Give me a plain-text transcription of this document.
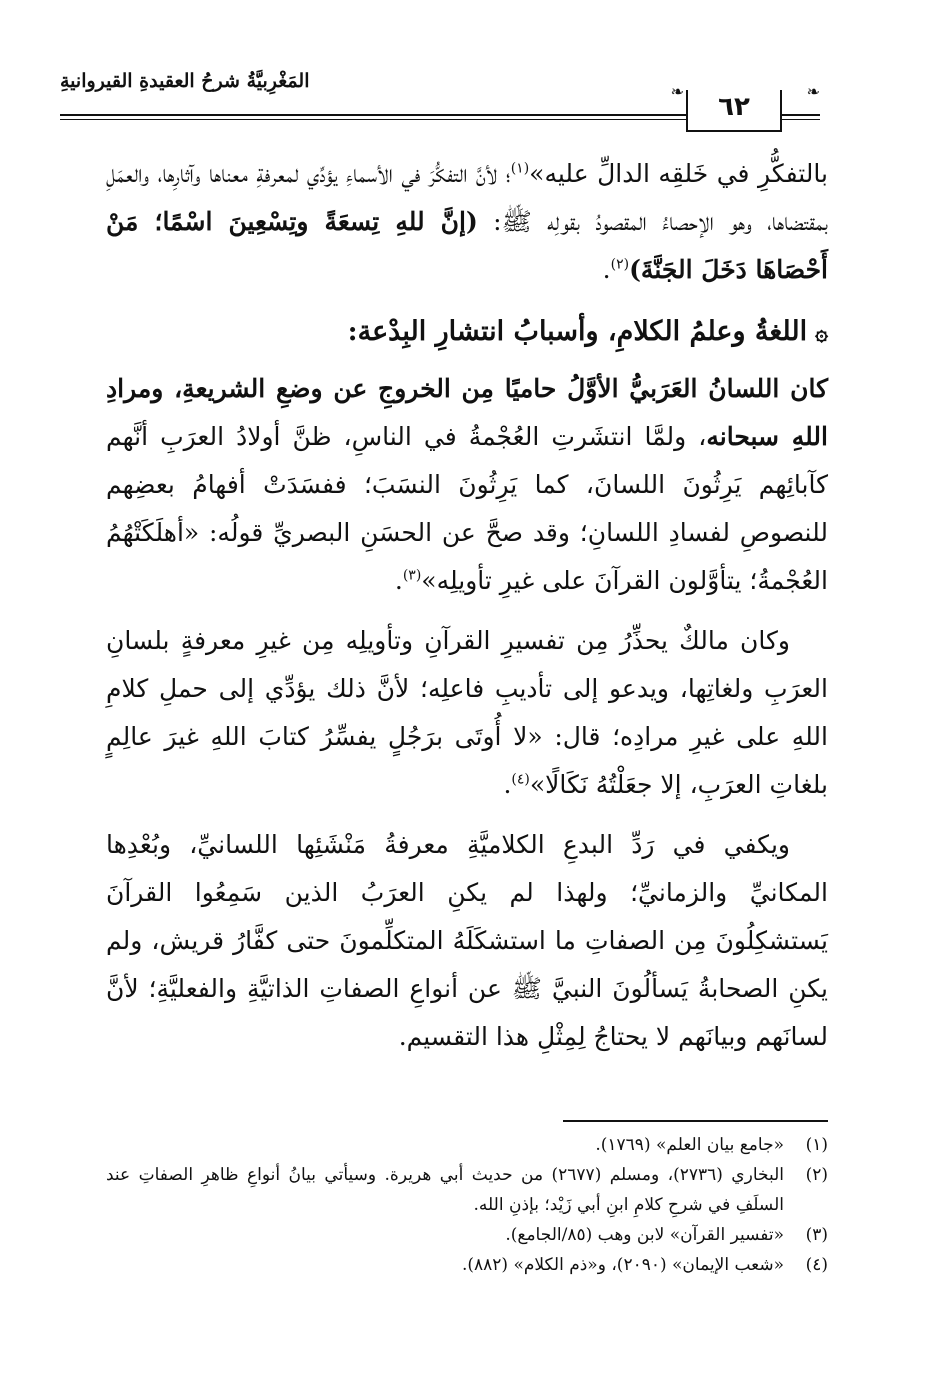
❧
❧
٦٢
المَغْرِبيَّةُ شرحُ العقيدةِ القيروانيةِ

بالتفكُّرِ في خَلقِه الدالِّ عليه»$^{(١)}$؛ لأنَّ التفكُّرَ في الأسماءِ يؤدِّي لمعرفةِ معناها وآثارِها، والعمَلِ بمقتضاها، وهو الإحصاءُ المقصودُ بقولِه ﷺ: (إنَّ للهِ تِسعَةً وتِسْعِينَ اسْمًا؛ مَنْ أَحْصَاهَا دَخَلَ الجَنَّةَ)$^{(٢)}$.

۞اللغةُ وعلمُ الكلامِ، وأسبابُ انتشارِ البِدْعة:

كان اللسانُ العَرَبيُّ الأوَّلُ حاميًا مِن الخروجِ عن وضعِ الشريعةِ، ومرادِ اللهِ سبحانه، ولمَّا انتشَرتِ العُجْمةُ في الناسِ، ظنَّ أولادُ العرَبِ أنَّهم كآبائِهم يَرِثُونَ اللسانَ، كما يَرِثُونَ النسَبَ؛ ففسَدَتْ أفهامُ بعضِهم للنصوصِ لفسادِ اللسانِ؛ وقد صحَّ عن الحسَنِ البصريِّ قولُه: «أهلَكَتْهُمُ العُجْمةُ؛ يتأوَّلون القرآنَ على غيرِ تأويلِه»$^{(٣)}$.

وكان مالكٌ يحذِّرُ مِن تفسيرِ القرآنِ وتأويلِه مِن غيرِ معرفةٍ بلسانِ العرَبِ ولغاتِها، ويدعو إلى تأديبِ فاعلِه؛ لأنَّ ذلك يؤدِّي إلى حملِ كلامِ اللهِ على غيرِ مرادِه؛ قال: «لا أُوتَى برَجُلٍ يفسِّرُ كتابَ اللهِ غيرَ عالِمٍ بلغاتِ العرَبِ، إلا جعَلْتُهُ نَكَالًا»$^{(٤)}$.

ويكفي في رَدِّ البدعِ الكلاميَّةِ معرفةُ مَنْشَئِها اللسانيِّ، وبُعْدِها المكانيِّ والزمانيِّ؛ ولهذا لم يكنِ العرَبُ الذين سَمِعُوا القرآنَ يَستشكِلُونَ مِن الصفاتِ ما استشكَلَهُ المتكلِّمونَ حتى كفَّارُ قريش، ولم يكنِ الصحابةُ يَسألُونَ النبيَّ ﷺ عن أنواعِ الصفاتِ الذاتيَّةِ والفعليَّةِ؛ لأنَّ لسانَهم وبيانَهم لا يحتاجُ لِمِثْلِ هذا التقسيم.

(١)
«جامع بيان العلم» (١٧٦٩).
(٢)
البخاري (٢٧٣٦)، ومسلم (٢٦٧٧) من حديث أبي هريرة. وسيأتي بيانُ أنواعِ ظاهرِ الصفاتِ عند السلَفِ في شرحِ كلامِ ابنِ أبي زَيْد؛ بإذنِ الله.
(٣)
«تفسير القرآن» لابن وهب (٨٥/الجامع).
(٤)
«شعب الإيمان» (٢٠٩٠)، و«ذم الكلام» (٨٨٢).
